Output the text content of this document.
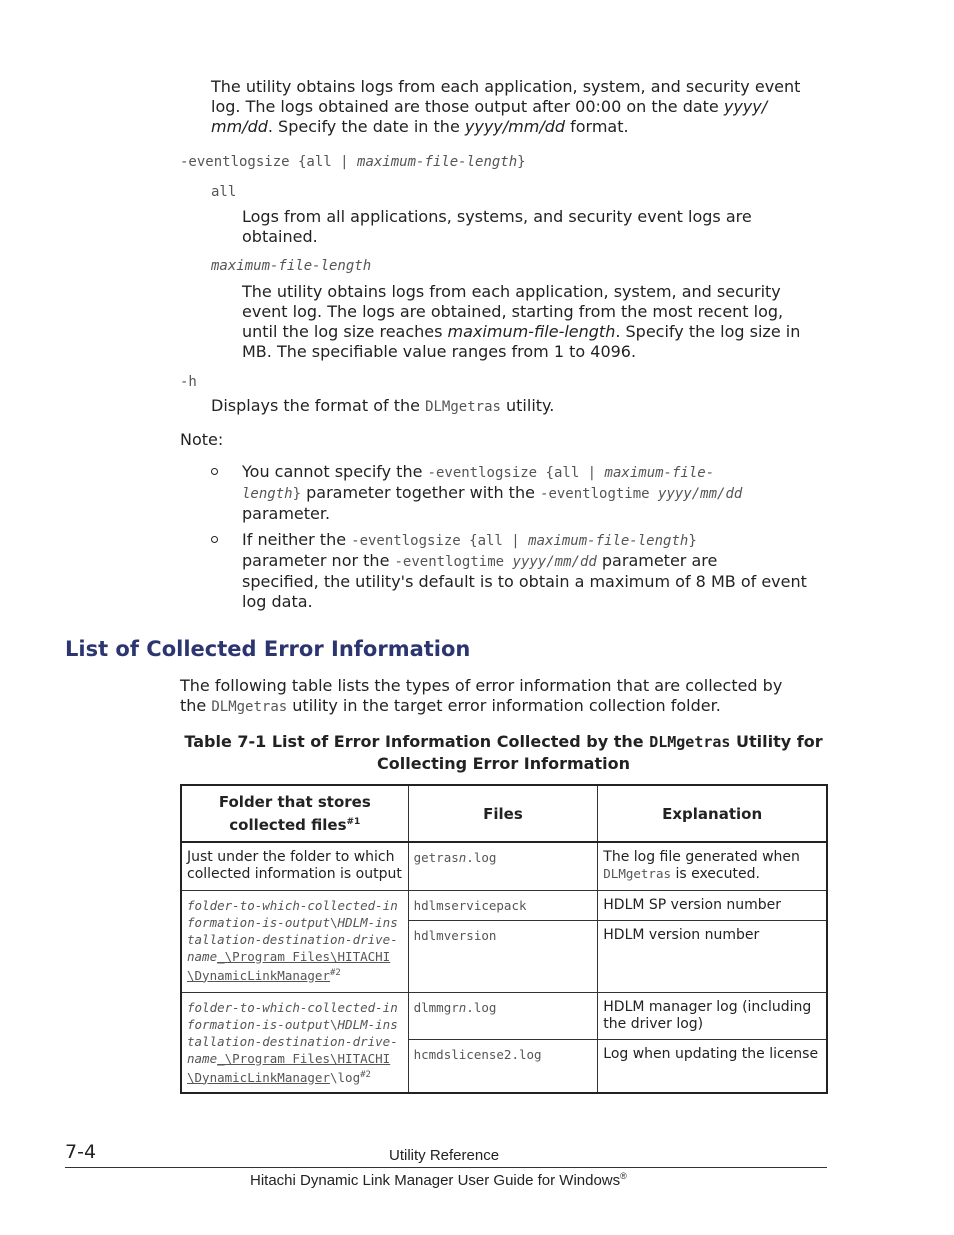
The utility obtains logs from each application, system, and security event
log. The logs obtained are those output after 00:00 on the date yyyy/
mm/dd. Specify the date in the yyyy/mm/dd format.
-eventlogsize {all | maximum-file-length}
all
Logs from all applications, systems, and security event logs are
obtained.
maximum-file-length
The utility obtains logs from each application, system, and security
event log. The logs are obtained, starting from the most recent log,
until the log size reaches maximum-file-length. Specify the log size in
MB. The specifiable value ranges from 1 to 4096.
-h
Displays the format of the DLMgetras utility.
Note:
You cannot specify the -eventlogsize {all | maximum-file-
length} parameter together with the -eventlogtime yyyy/mm/dd
parameter.
If neither the -eventlogsize {all | maximum-file-length}
parameter nor the -eventlogtime yyyy/mm/dd parameter are
specified, the utility's default is to obtain a maximum of 8 MB of event
log data.
List of Collected Error Information
The following table lists the types of error information that are collected by
the DLMgetras utility in the target error information collection folder.
Table 7-1 List of Error Information Collected by the DLMgetras Utility for
Collecting Error Information
Folder that stores collected files$^{\#1}$	Files	Explanation
Just under the folder to which collected information is output	getrasn.log	The log file generated when
DLMgetras is executed.
folder-to-which-collected-information-is-output\HDLM-installation-destination-drive-name_\Program Files\HITACHI\DynamicLinkManager$^{\#2}$	hdlmservicepack	HDLM SP version number
	hdlmversion	HDLM version number
folder-to-which-collected-information-is-output\HDLM-installation-destination-drive-name_\Program $Files\backslash HITACHI\backslash DynamicLinkManager\backslash\log^{\#2}$	dlmmgrn.log	HDLM manager log (including the driver log)
	hcmdslicense2.log	Log when updating the license
7-4	Utility Reference
Hitachi Dynamic Link Manager User Guide for Windows®
